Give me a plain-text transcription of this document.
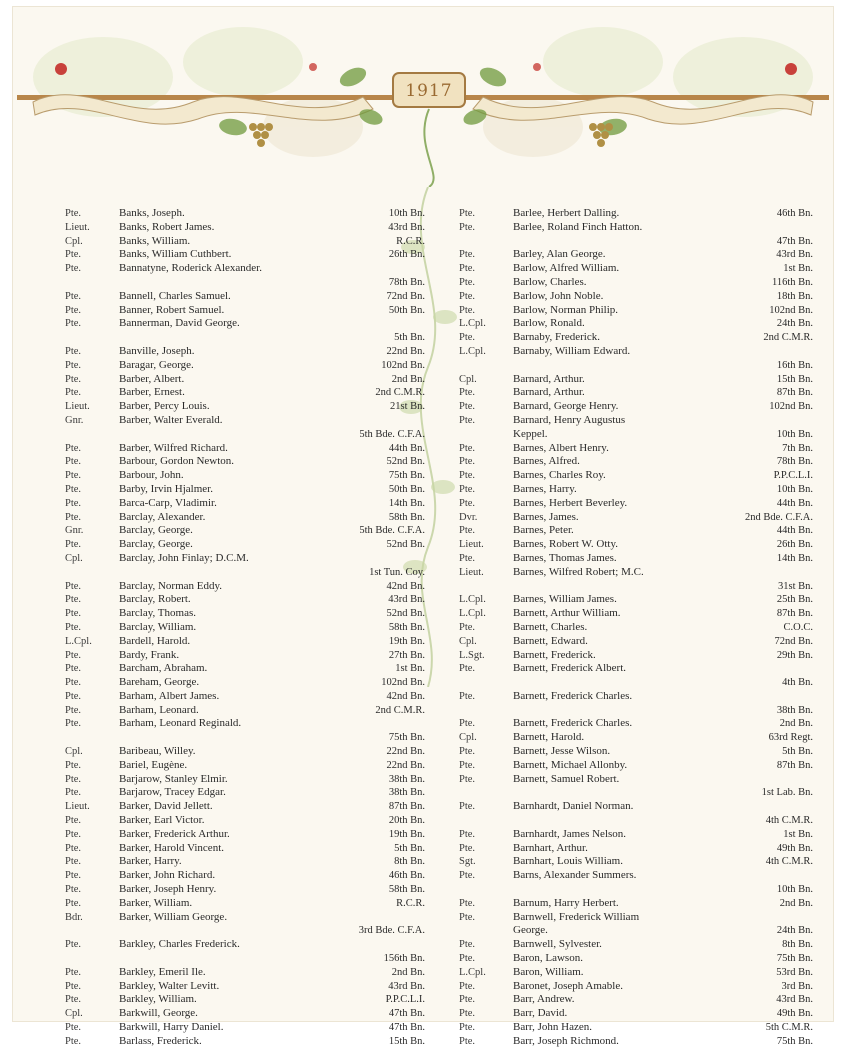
1917
Pte.	Banks, Joseph.	10th Bn.
Lieut.	Banks, Robert James.	43rd Bn.
Cpl.	Banks, William.	R.C.R.
Pte.	Banks, William Cuthbert.	26th Bn.
Pte.	Bannatyne, Roderick Alexander.
78th Bn.
Pte.	Bannell, Charles Samuel.	72nd Bn.
Pte.	Banner, Robert Samuel.	50th Bn.
Pte.	Bannerman, David George.
5th Bn.
Pte.	Banville, Joseph.	22nd Bn.
Pte.	Baragar, George.	102nd Bn.
Pte.	Barber, Albert.	2nd Bn.
Pte.	Barber, Ernest.	2nd C.M.R.
Lieut.	Barber, Percy Louis.	21st Bn.
Gnr.	Barber, Walter Everald.
5th Bde. C.F.A.
Pte.	Barber, Wilfred Richard.	44th Bn.
Pte.	Barbour, Gordon Newton.	52nd Bn.
Pte.	Barbour, John.	75th Bn.
Pte.	Barby, Irvin Hjalmer.	50th Bn.
Pte.	Barca-Carp, Vladimir.	14th Bn.
Pte.	Barclay, Alexander.	58th Bn.
Gnr.	Barclay, George.	5th Bde. C.F.A.
Pte.	Barclay, George.	52nd Bn.
Cpl.	Barclay, John Finlay; D.C.M.
1st Tun. Coy.
Pte.	Barclay, Norman Eddy.	42nd Bn.
Pte.	Barclay, Robert.	43rd Bn.
Pte.	Barclay, Thomas.	52nd Bn.
Pte.	Barclay, William.	58th Bn.
L.Cpl.	Bardell, Harold.	19th Bn.
Pte.	Bardy, Frank.	27th Bn.
Pte.	Barcham, Abraham.	1st Bn.
Pte.	Bareham, George.	102nd Bn.
Pte.	Barham, Albert James.	42nd Bn.
Pte.	Barham, Leonard.	2nd C.M.R.
Pte.	Barham, Leonard Reginald.
75th Bn.
Cpl.	Baribeau, Willey.	22nd Bn.
Pte.	Bariel, Eugène.	22nd Bn.
Pte.	Barjarow, Stanley Elmir.	38th Bn.
Pte.	Barjarow, Tracey Edgar.	38th Bn.
Lieut.	Barker, David Jellett.	87th Bn.
Pte.	Barker, Earl Victor.	20th Bn.
Pte.	Barker, Frederick Arthur.	19th Bn.
Pte.	Barker, Harold Vincent.	5th Bn.
Pte.	Barker, Harry.	8th Bn.
Pte.	Barker, John Richard.	46th Bn.
Pte.	Barker, Joseph Henry.	58th Bn.
Pte.	Barker, William.	R.C.R.
Bdr.	Barker, William George.
3rd Bde. C.F.A.
Pte.	Barkley, Charles Frederick.
156th Bn.
Pte.	Barkley, Emeril Ile.	2nd Bn.
Pte.	Barkley, Walter Levitt.	43rd Bn.
Pte.	Barkley, William.	P.P.C.L.I.
Cpl.	Barkwill, George.	47th Bn.
Pte.	Barkwill, Harry Daniel.	47th Bn.
Pte.	Barlass, Frederick.	15th Bn.
Pte.	Barlee, Herbert Dalling.	46th Bn.
Pte.	Barlee, Roland Finch Hatton.
47th Bn.
Pte.	Barley, Alan George.	43rd Bn.
Pte.	Barlow, Alfred William.	1st Bn.
Pte.	Barlow, Charles.	116th Bn.
Pte.	Barlow, John Noble.	18th Bn.
Pte.	Barlow, Norman Philip.	102nd Bn.
L.Cpl.	Barlow, Ronald.	24th Bn.
Pte.	Barnaby, Frederick.	2nd C.M.R.
L.Cpl.	Barnaby, William Edward.
16th Bn.
Cpl.	Barnard, Arthur.	15th Bn.
Pte.	Barnard, Arthur.	87th Bn.
Pte.	Barnard, George Henry.	102nd Bn.
Pte.	Barnard, Henry Augustus
Keppel.	10th Bn.
Pte.	Barnes, Albert Henry.	7th Bn.
Pte.	Barnes, Alfred.	78th Bn.
Pte.	Barnes, Charles Roy.	P.P.C.L.I.
Pte.	Barnes, Harry.	10th Bn.
Pte.	Barnes, Herbert Beverley.	44th Bn.
Dvr.	Barnes, James.	2nd Bde. C.F.A.
Pte.	Barnes, Peter.	44th Bn.
Lieut.	Barnes, Robert W. Otty.	26th Bn.
Pte.	Barnes, Thomas James.	14th Bn.
Lieut.	Barnes, Wilfred Robert; M.C.
31st Bn.
L.Cpl.	Barnes, William James.	25th Bn.
L.Cpl.	Barnett, Arthur William.	87th Bn.
Pte.	Barnett, Charles.	C.O.C.
Cpl.	Barnett, Edward.	72nd Bn.
L.Sgt.	Barnett, Frederick.	29th Bn.
Pte.	Barnett, Frederick Albert.
4th Bn.
Pte.	Barnett, Frederick Charles.
38th Bn.
Pte.	Barnett, Frederick Charles.	2nd Bn.
Cpl.	Barnett, Harold.	63rd Regt.
Pte.	Barnett, Jesse Wilson.	5th Bn.
Pte.	Barnett, Michael Allonby.	87th Bn.
Pte.	Barnett, Samuel Robert.
1st Lab. Bn.
Pte.	Barnhardt, Daniel Norman.
4th C.M.R.
Pte.	Barnhardt, James Nelson.	1st Bn.
Pte.	Barnhart, Arthur.	49th Bn.
Sgt.	Barnhart, Louis William.	4th C.M.R.
Pte.	Barns, Alexander Summers.
10th Bn.
Pte.	Barnum, Harry Herbert.	2nd Bn.
Pte.	Barnwell, Frederick William
George.	24th Bn.
Pte.	Barnwell, Sylvester.	8th Bn.
Pte.	Baron, Lawson.	75th Bn.
L.Cpl.	Baron, William.	53rd Bn.
Pte.	Baronet, Joseph Amable.	3rd Bn.
Pte.	Barr, Andrew.	43rd Bn.
Pte.	Barr, David.	49th Bn.
Pte.	Barr, John Hazen.	5th C.M.R.
Pte.	Barr, Joseph Richmond.	75th Bn.
